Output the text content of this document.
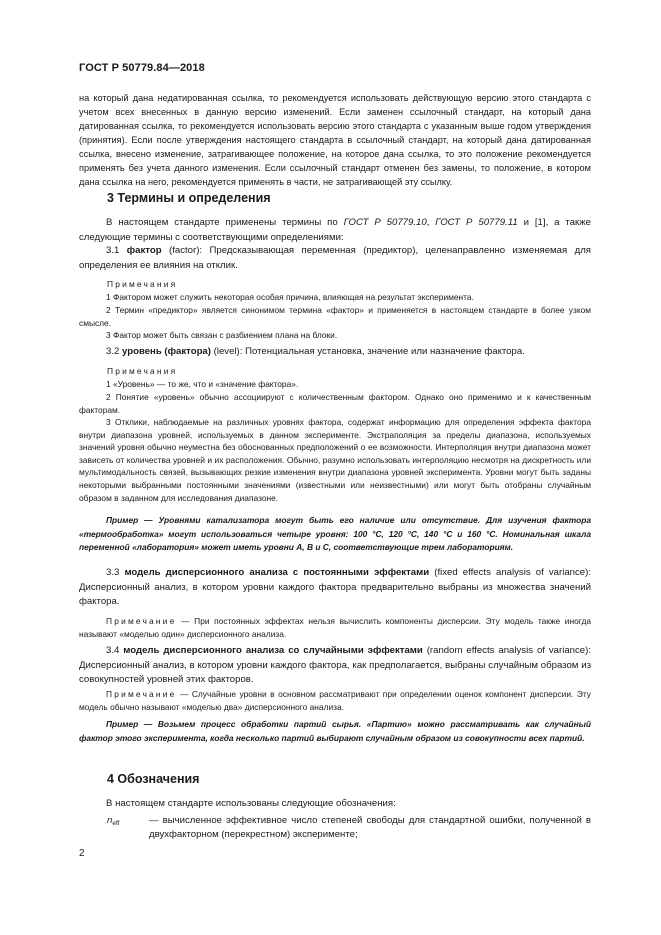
ГОСТ Р 50779.84—2018
на который дана недатированная ссылка, то рекомендуется использовать действующую версию этого стандарта с учетом всех внесенных в данную версию изменений. Если заменен ссылочный стандарт, на который дана датированная ссылка, то рекомендуется использовать версию этого стандарта с указанным выше годом утверждения (принятия). Если после утверждения настоящего стандарта в ссылочный стандарт, на который дана датированная ссылка, внесено изменение, затрагивающее положение, на которое дана ссылка, то это положение рекомендуется применять без учета данного изменения. Если ссылочный стандарт отменен без замены, то положение, в котором дана ссылка на него, рекомендуется применять в части, не затрагивающей эту ссылку.
3 Термины и определения
В настоящем стандарте применены термины по ГОСТ Р 50779.10, ГОСТ Р 50779.11 и [1], а также следующие термины с соответствующими определениями:
3.1 фактор (factor): Предсказывающая переменная (предиктор), целенаправленно изменяемая для определения ее влияния на отклик.
Примечания
1 Фактором может служить некоторая особая причина, влияющая на результат эксперимента.
2 Термин «предиктор» является синонимом термина «фактор» и применяется в настоящем стандарте в более узком смысле.
3 Фактор может быть связан с разбиением плана на блоки.
3.2 уровень (фактора) (level): Потенциальная установка, значение или назначение фактора.
Примечания
1 «Уровень» — то же, что и «значение фактора».
2 Понятие «уровень» обычно ассоциируют с количественным фактором. Однако оно применимо и к качественным факторам.
3 Отклики, наблюдаемые на различных уровнях фактора, содержат информацию для определения эффекта фактора внутри диапазона уровней, используемых в данном эксперименте. Экстраполяция за пределы диапазона, используемых значений уровня обычно неуместна без обоснованных предположений о ее возможности. Интерполяция внутри диапазона может зависеть от количества уровней и их расположения. Обычно, разумно использовать интерполяцию несмотря на дискретность или мультимодальность связей, вызывающих резкие изменения внутри диапазона уровней эксперимента. Уровни могут быть заданы некоторыми выбранными постоянными значениями (известными или неизвестными) или могут быть отобраны случайным образом в заданном для исследования диапазоне.
Пример — Уровнями катализатора могут быть его наличие или отсутствие. Для изучения фактора «термообработка» могут использоваться четыре уровня: 100 °C, 120 °C, 140 °C и 160 °C. Номинальная шкала переменной «лаборатория» может иметь уровни А, В и С, соответствующие трем лабораториям.
3.3 модель дисперсионного анализа с постоянными эффектами (fixed effects analysis of variance): Дисперсионный анализ, в котором уровни каждого фактора предварительно выбраны из множества значений фактора.
Примечание — При постоянных эффектах нельзя вычислить компоненты дисперсии. Эту модель также иногда называют «моделью один» дисперсионного анализа.
3.4 модель дисперсионного анализа со случайными эффектами (random effects analysis of variance): Дисперсионный анализ, в котором уровни каждого фактора, как предполагается, выбраны случайным образом из совокупностей уровней этих факторов.
Примечание — Случайные уровни в основном рассматривают при определении оценок компонент дисперсии. Эту модель обычно называют «моделью два» дисперсионного анализа.
Пример — Возьмем процесс обработки партий сырья. «Партию» можно рассматривать как случайный фактор этого эксперимента, когда несколько партий выбирают случайным образом из совокупности всех партий.
4 Обозначения
В настоящем стандарте использованы следующие обозначения:
$n_{eff}$	— вычисленное эффективное число степеней свободы для стандартной ошибки, полученной в двухфакторном (перекрестном) эксперименте;
2
